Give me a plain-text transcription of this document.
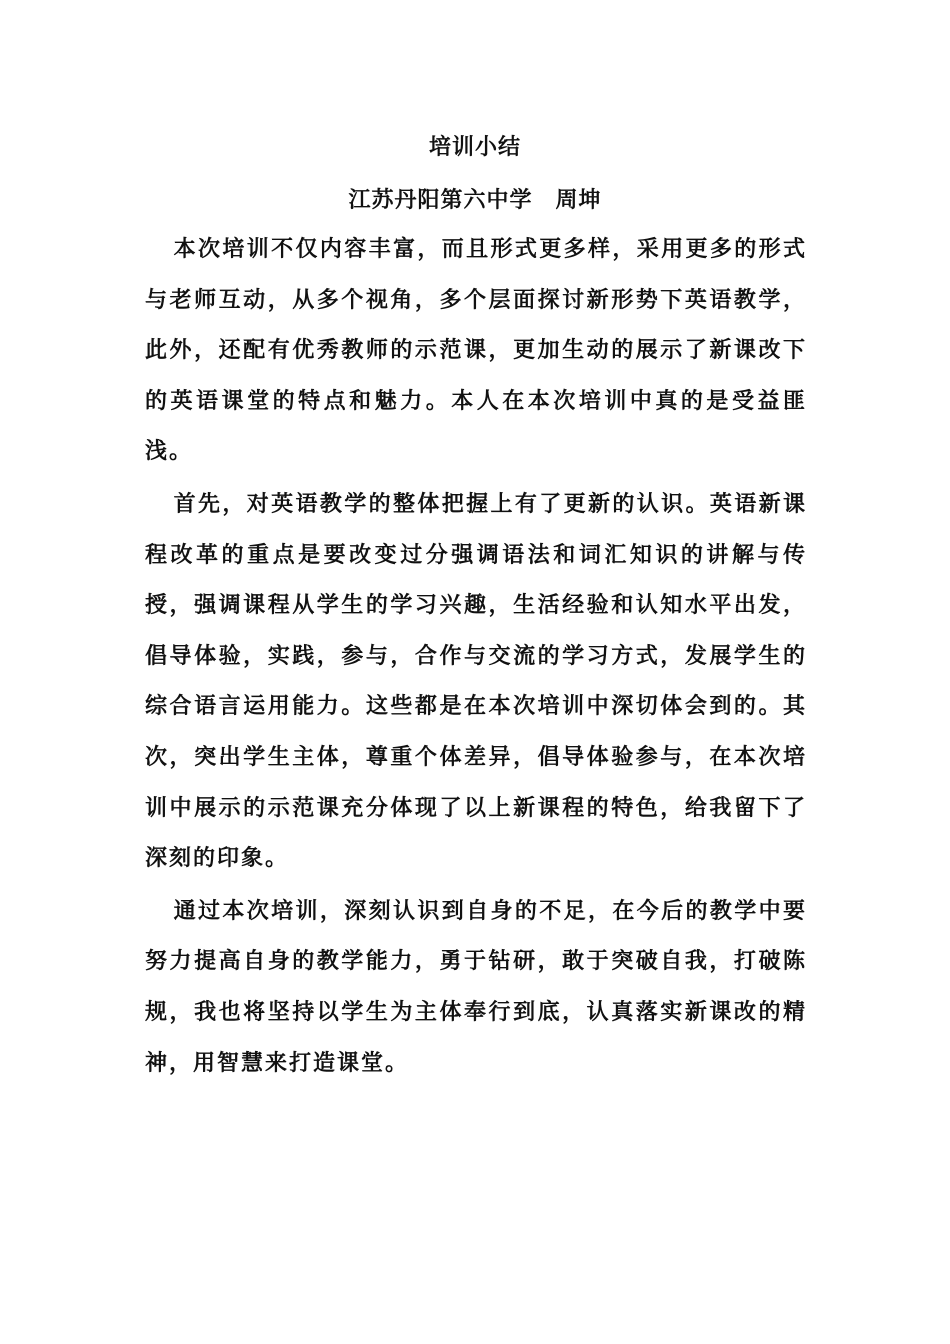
培训小结
江苏丹阳第六中学　周坤

本次培训不仅内容丰富，而且形式更多样，采用更多的形式与老师互动，从多个视角，多个层面探讨新形势下英语教学，此外，还配有优秀教师的示范课，更加生动的展示了新课改下的英语课堂的特点和魅力。本人在本次培训中真的是受益匪浅。

首先，对英语教学的整体把握上有了更新的认识。英语新课程改革的重点是要改变过分强调语法和词汇知识的讲解与传授，强调课程从学生的学习兴趣，生活经验和认知水平出发，倡导体验，实践，参与，合作与交流的学习方式，发展学生的综合语言运用能力。这些都是在本次培训中深切体会到的。其次，突出学生主体，尊重个体差异，倡导体验参与，在本次培训中展示的示范课充分体现了以上新课程的特色，给我留下了深刻的印象。

通过本次培训，深刻认识到自身的不足，在今后的教学中要努力提高自身的教学能力，勇于钻研，敢于突破自我，打破陈规，我也将坚持以学生为主体奉行到底，认真落实新课改的精神，用智慧来打造课堂。
